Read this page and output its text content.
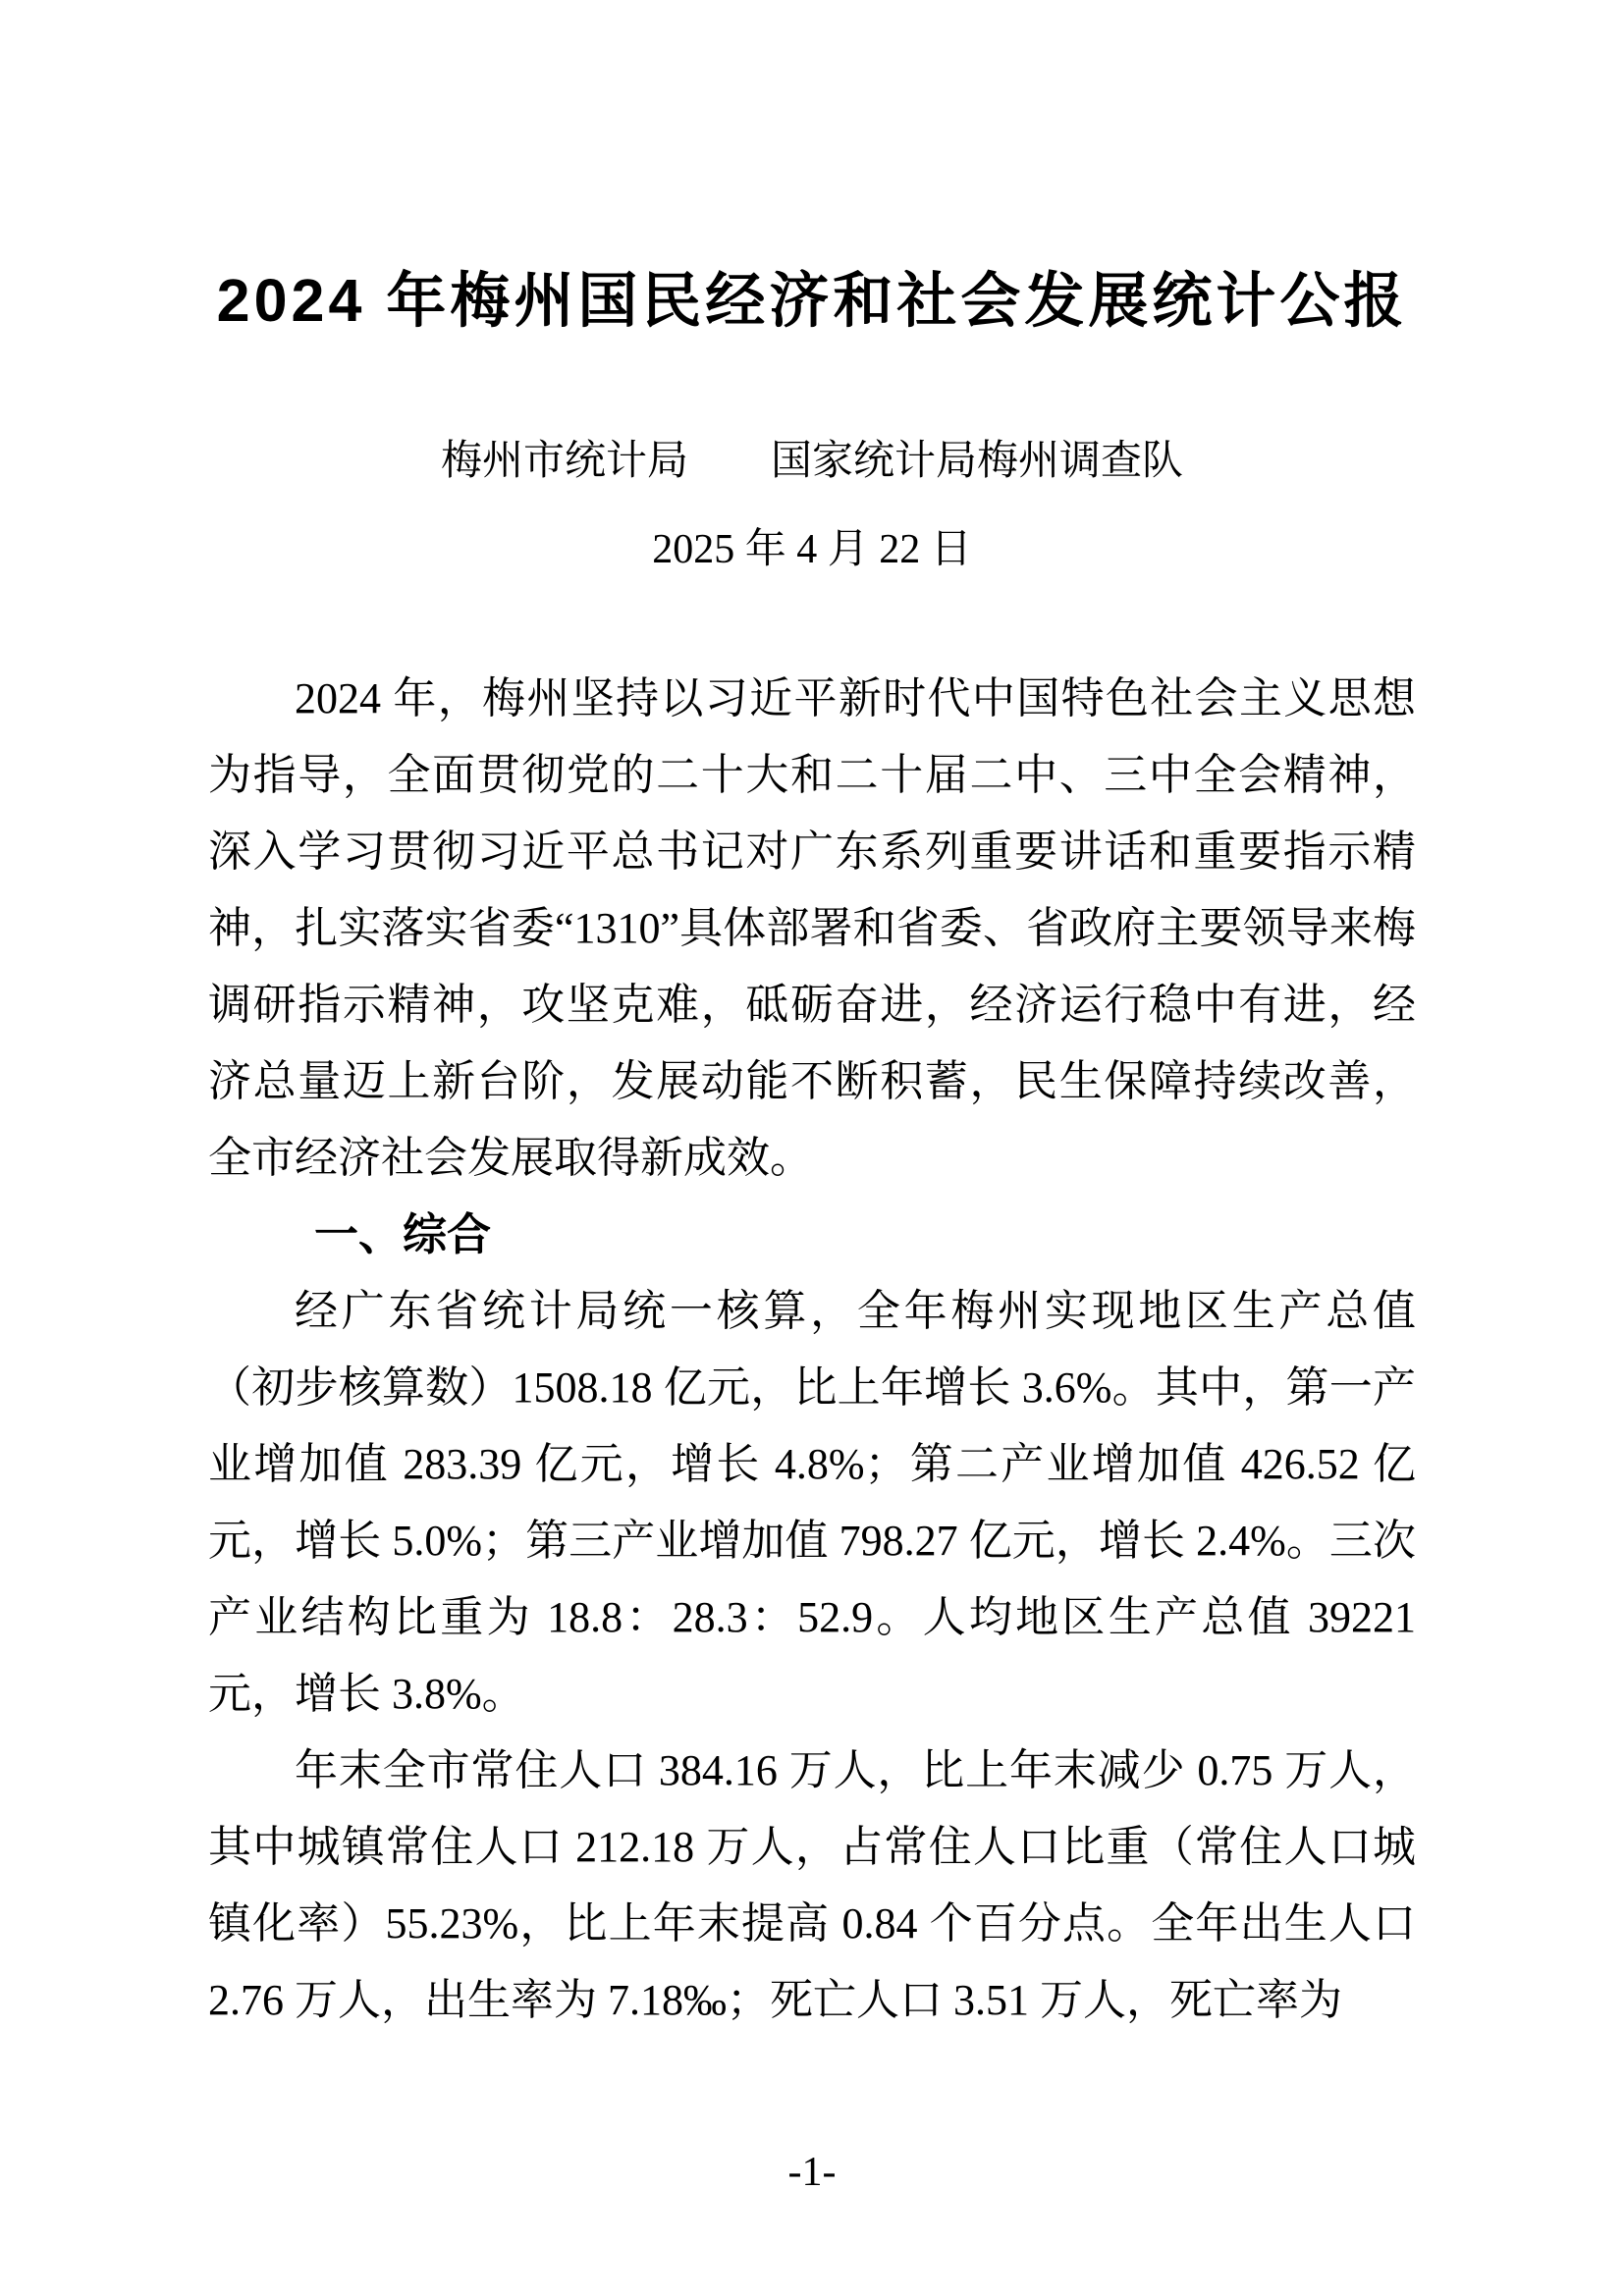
2024 年梅州国民经济和社会发展统计公报
梅州市统计局 国家统计局梅州调查队
2025 年 4 月 22 日

2024 年，梅州坚持以习近平新时代中国特色社会主义思想为指导，全面贯彻党的二十大和二十届二中、三中全会精神，深入学习贯彻习近平总书记对广东系列重要讲话和重要指示精神，扎实落实省委“1310”具体部署和省委、省政府主要领导来梅调研指示精神，攻坚克难，砥砺奋进，经济运行稳中有进，经济总量迈上新台阶，发展动能不断积蓄，民生保障持续改善，全市经济社会发展取得新成效。

一、综合

经广东省统计局统一核算，全年梅州实现地区生产总值（初步核算数）1508.18 亿元，比上年增长 3.6%。其中，第一产业增加值 283.39 亿元，增长 4.8%；第二产业增加值 426.52 亿元，增长 5.0%；第三产业增加值 798.27 亿元，增长 2.4%。三次产业结构比重为 18.8：28.3：52.9。人均地区生产总值 39221 元，增长 3.8%。

年末全市常住人口 384.16 万人，比上年末减少 0.75 万人，其中城镇常住人口 212.18 万人，占常住人口比重（常住人口城镇化率）55.23%，比上年末提高 0.84 个百分点。全年出生人口 2.76 万人，出生率为 7.18‰；死亡人口 3.51 万人，死亡率为

-1-
